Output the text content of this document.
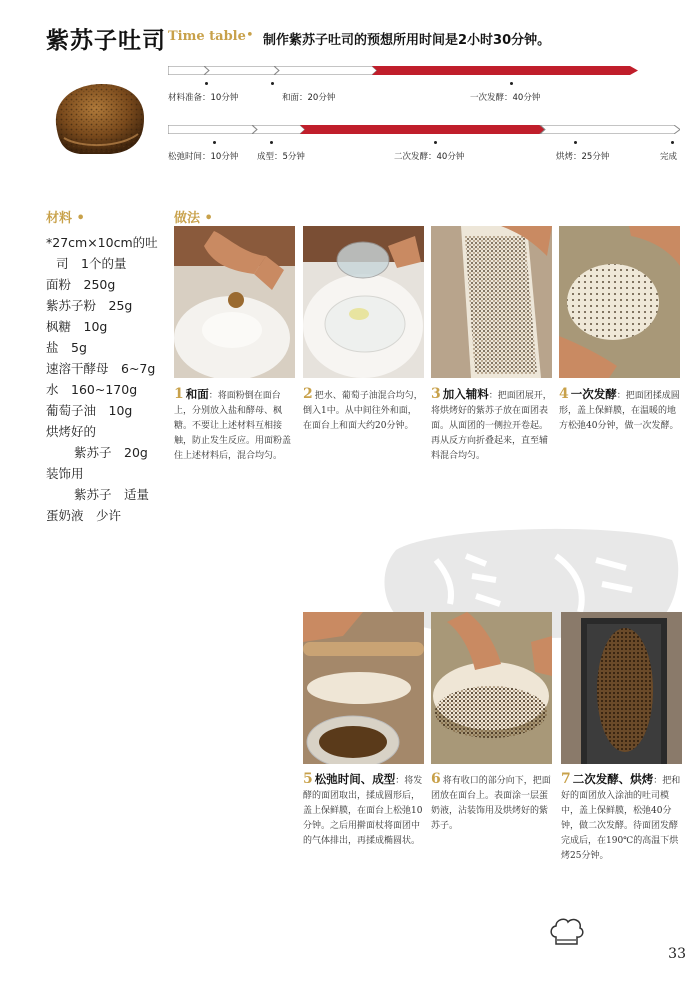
紫苏子吐司 Time table • 制作紫苏子吐司的预想所用时间是2小时30分钟。
材料准备：10分钟	和面：20分钟	一次发酵：40分钟
松弛时间：10分钟 成型：5分钟	二次发酵：40分钟	烘烤：25分钟	完成
材料 •
*27cm×10cm的吐
司　1个的量
面粉　250g
紫苏子粉　25g
枫糖　10g
盐　5g
速溶干酵母　6~7g
水　160~170g
葡萄子油　10g
烘烤好的
紫苏子　20g
装饰用
紫苏子　适量
蛋奶液　少许
做法 •
1 和面：将面粉倒在面台上，分别放入盐和酵母、枫糖。不要让上述材料互相接触，防止发生反应。用面粉盖住上述材料后，混合均匀。
2 把水、葡萄子油混合均匀，倒入1中。从中间往外和面，在面台上和面大约20分钟。
3 加入辅料：把面团展开，将烘烤好的紫苏子放在面团表面。从面团的一侧拉开卷起。再从反方向折叠起来，直至辅料混合均匀。
4 一次发酵：把面团揉成圆形，盖上保鲜膜，在温暖的地方松弛40分钟，做一次发酵。
5 松弛时间、成型：将发酵的面团取出，揉成圆形后，盖上保鲜膜，在面台上松弛10分钟。之后用擀面杖将面团中的气体排出，再揉成椭圆状。
6 将有收口的部分向下，把面团放在面台上。表面涂一层蛋奶液，沾装饰用及烘烤好的紫苏子。
7 二次发酵、烘烤：把和好的面团放入涂油的吐司模中，盖上保鲜膜，松弛40分钟，做二次发酵。待面团发酵完成后，在190℃的高温下烘烤25分钟。
33
